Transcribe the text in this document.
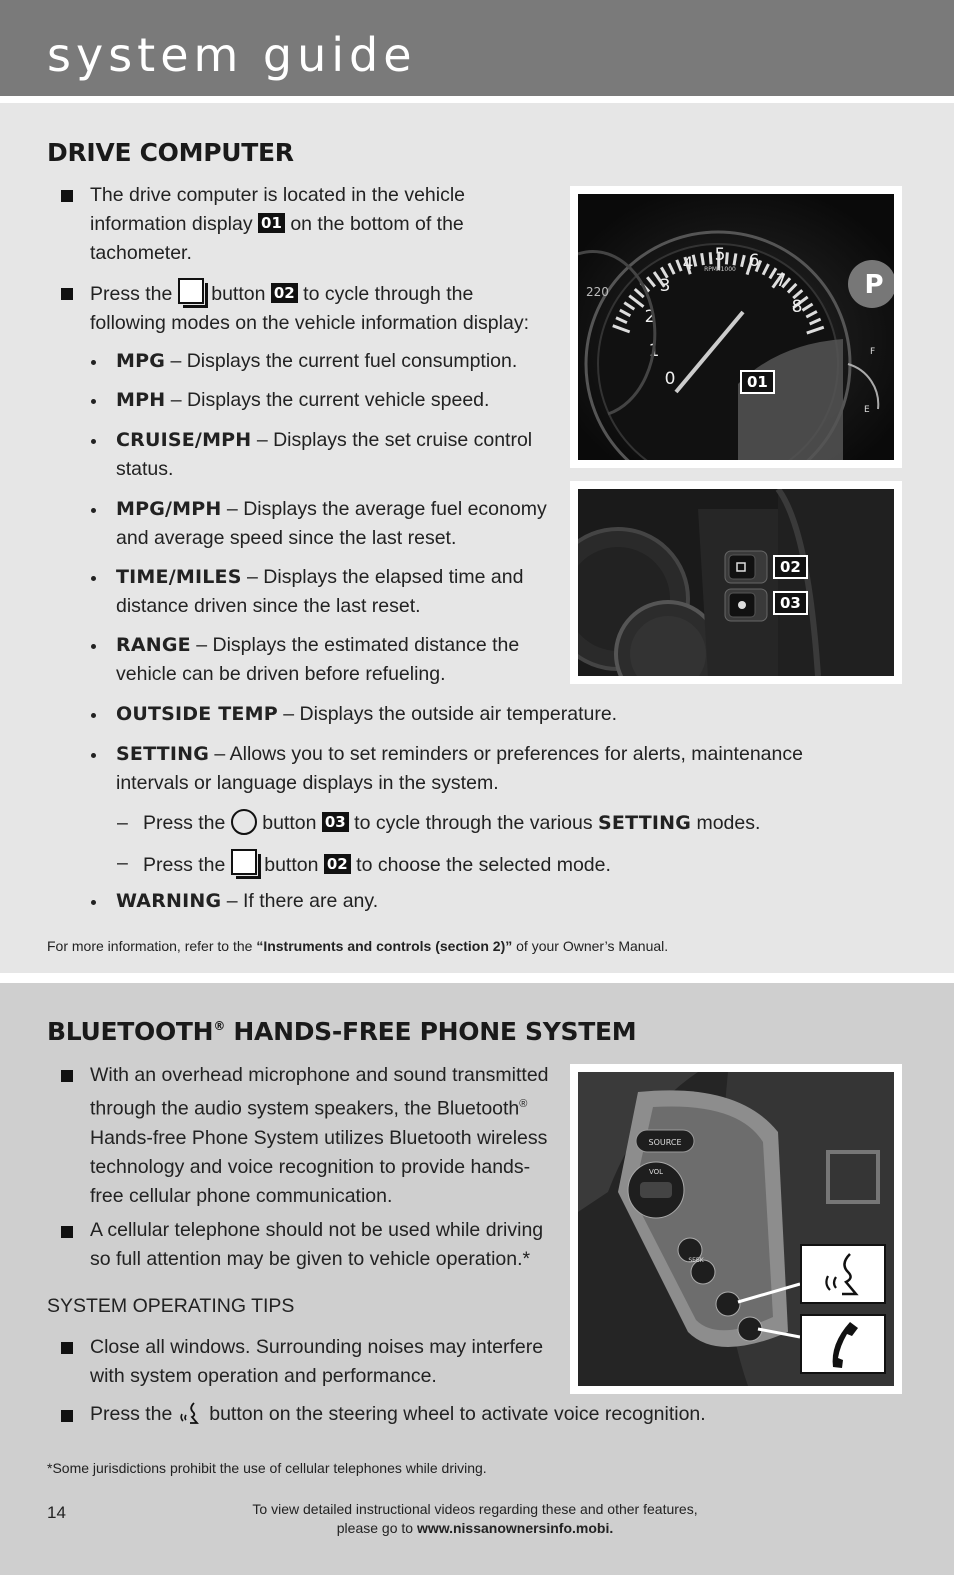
system guide
DRIVE COMPUTER
The drive computer is located in the vehicle
information display 01 on the bottom of the
tachometer.
Press the button 02 to cycle through the
following modes on the vehicle information display:
MPG – Displays the current fuel consumption.
MPH – Displays the current vehicle speed.
CRUISE/MPH – Displays the set cruise control
status.
MPG/MPH – Displays the average fuel economy
and average speed since the last reset.
TIME/MILES – Displays the elapsed time and
distance driven since the last reset.
RANGE – Displays the estimated distance the
vehicle can be driven before refueling.
OUTSIDE TEMP – Displays the outside air temperature.
SETTING – Allows you to set reminders or preferences for alerts, maintenance
intervals or language displays in the system.
– Press the button 03 to cycle through the various SETTING modes.
– Press the button 02 to choose the selected mode.
WARNING – If there are any.
For more information, refer to the “Instruments and controls (section 2)” of your Owner’s Manual.
0
1
2
3
4 5 6
7
8
RPMx1000
220	P
F
E
01
02
03
BLUETOOTH® HANDS-FREE PHONE SYSTEM
With an overhead microphone and sound transmitted
through the audio system speakers, the Bluetooth®
Hands-free Phone System utilizes Bluetooth wireless
technology and voice recognition to provide hands-
free cellular phone communication.
A cellular telephone should not be used while driving
so full attention may be given to vehicle operation.*
SYSTEM OPERATING TIPS
Close all windows. Surrounding noises may interfere
with system operation and performance.
Press the button on the steering wheel to activate voice recognition.
*Some jurisdictions prohibit the use of cellular telephones while driving.
SOURCE
VOL
SEEK
14	To view detailed instructional videos regarding these and other features,
please go to www.nissanownersinfo.mobi.
